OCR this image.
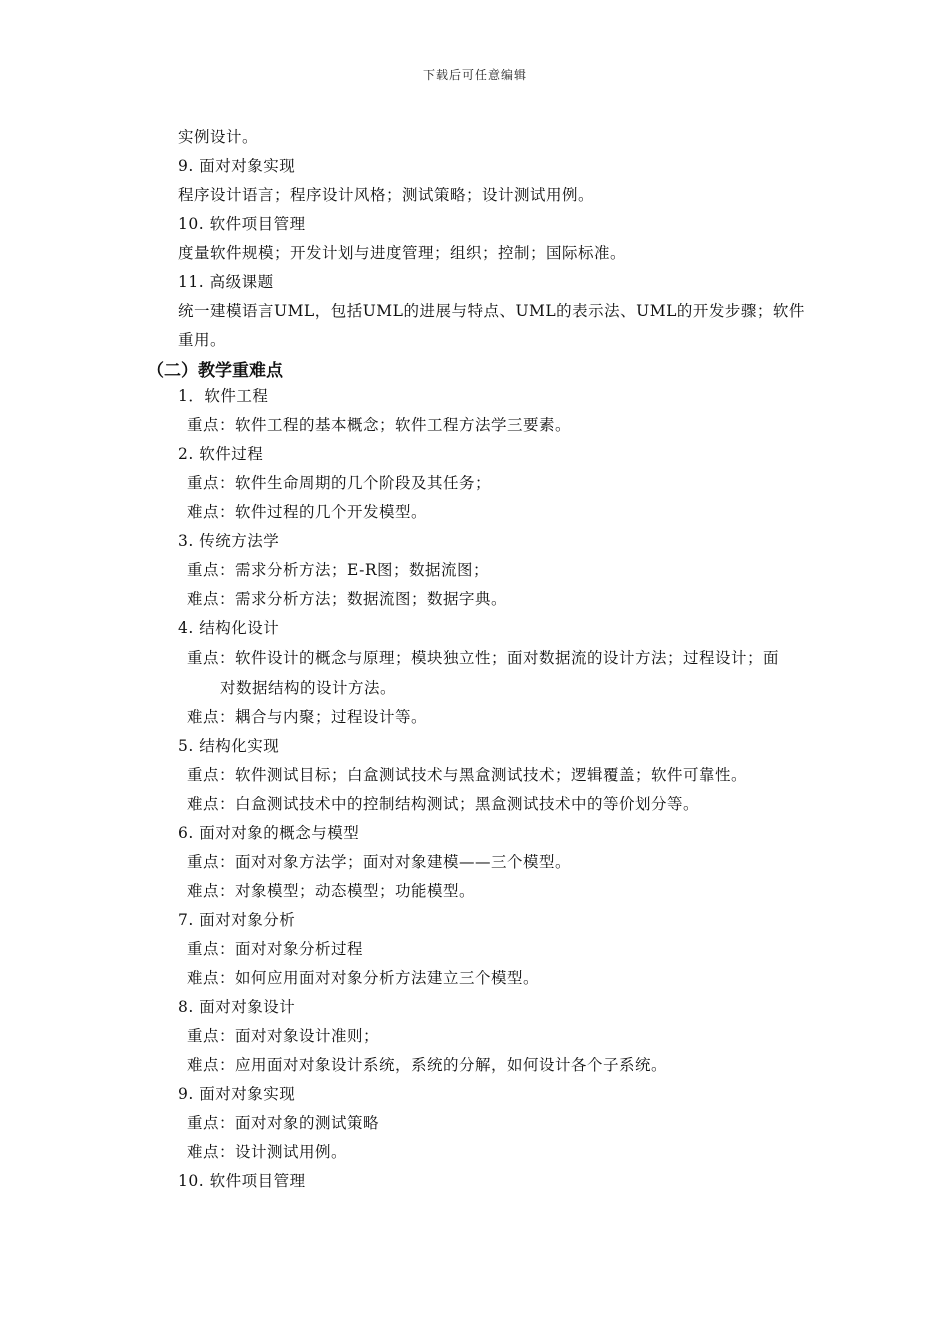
下载后可任意编辑
实例设计。
9. 面对对象实现
程序设计语言；程序设计风格；测试策略；设计测试用例。
10. 软件项目管理
度量软件规模；开发计划与进度管理；组织；控制；国际标准。
11. 高级课题
统一建模语言UML，包括UML的进展与特点、UML的表示法、UML的开发步骤；软件重用。
（二）教学重难点
1．软件工程
重点：软件工程的基本概念；软件工程方法学三要素。
2. 软件过程
重点：软件生命周期的几个阶段及其任务；
难点：软件过程的几个开发模型。
3. 传统方法学
重点：需求分析方法；E-R图；数据流图；
难点：需求分析方法；数据流图；数据字典。
4. 结构化设计
重点：软件设计的概念与原理；模块独立性；面对数据流的设计方法；过程设计；面
对数据结构的设计方法。
难点：耦合与内聚；过程设计等。
5. 结构化实现
重点：软件测试目标；白盒测试技术与黑盒测试技术；逻辑覆盖；软件可靠性。
难点：白盒测试技术中的控制结构测试；黑盒测试技术中的等价划分等。
6. 面对对象的概念与模型
重点：面对对象方法学；面对对象建模——三个模型。
难点：对象模型；动态模型；功能模型。
7. 面对对象分析
重点：面对对象分析过程
难点：如何应用面对对象分析方法建立三个模型。
8. 面对对象设计
重点：面对对象设计准则；
难点：应用面对对象设计系统，系统的分解，如何设计各个子系统。
9. 面对对象实现
重点：面对对象的测试策略
难点：设计测试用例。
10. 软件项目管理
